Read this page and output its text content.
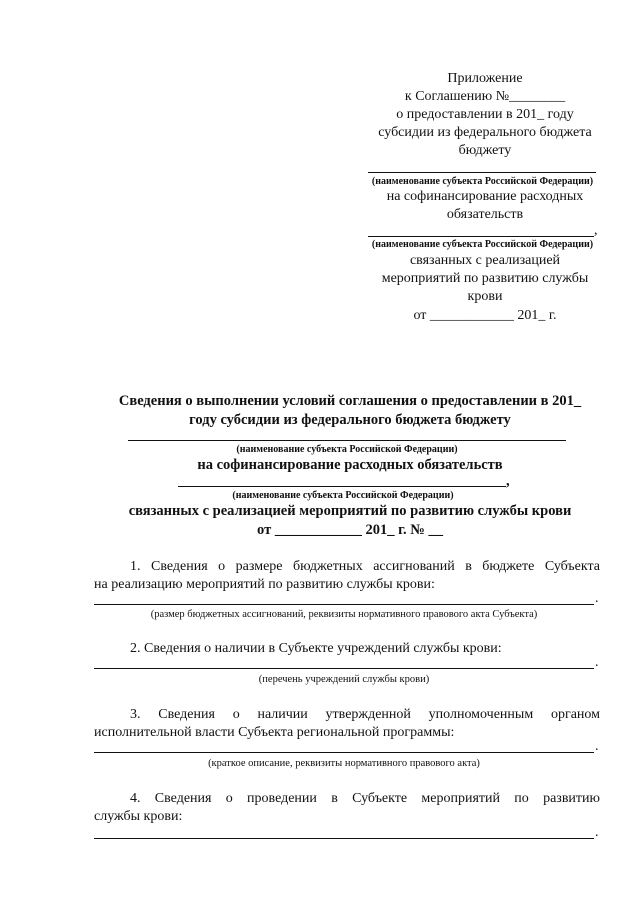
Приложение
к Соглашению №________
о предоставлении в 201_ году
субсидии из федерального бюджета
бюджету
(наименование субъекта Российской Федерации)
на софинансирование расходных
обязательств
,
(наименование субъекта Российской Федерации)
связанных с реализацией
мероприятий по развитию службы
крови
от ____________ 201_ г.
Сведения о выполнении условий соглашения о предоставлении в 201_
году субсидии из федерального бюджета бюджету
(наименование субъекта Российской Федерации)
на софинансирование расходных обязательств
,
(наименование субъекта Российской Федерации)
связанных с реализацией мероприятий по развитию службы крови
от ____________ 201_ г. № __
1. Сведения о размере бюджетных ассигнований в бюджете Субъекта
на реализацию мероприятий по развитию службы крови:
.
(размер бюджетных ассигнований, реквизиты нормативного правового акта Субъекта)
2. Сведения о наличии в Субъекте учреждений службы крови:
.
(перечень учреждений службы крови)
3. Сведения о наличии утвержденной уполномоченным органом
исполнительной власти Субъекта региональной программы:
.
(краткое описание, реквизиты нормативного правового акта)
4. Сведения о проведении в Субъекте мероприятий по развитию
службы крови:
.
